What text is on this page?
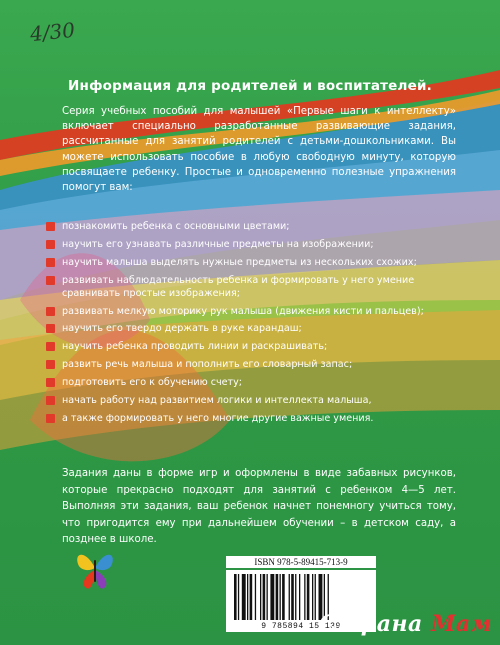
4/30
Информация для родителей и воспитателей.
Серия учебных пособий для малышей «Первые шаги к интеллекту» включает специально разработанные развивающие задания, рассчитанные для занятий родителей с детьми-дошкольниками. Вы можете использовать пособие в любую свободную минуту, которую посвящаете ребенку. Простые и одновременно полезные упражнения помогут вам:
познакомить ребенка с основными цветами;
научить его узнавать различные предметы на изображении;
научить малыша выделять нужные предметы из нескольких схожих;
развивать наблюдательность ребенка и формировать у него умение сравнивать простые изображения;
развивать мелкую моторику рук малыша (движения кисти и пальцев);
научить его твердо держать в руке карандаш;
научить ребенка проводить линии и раскрашивать;
развить речь малыша и пополнить его словарный запас;
подготовить его к обучению счету;
начать работу над развитием логики и интеллекта малыша,
а также формировать у него многие другие важные умения.
Задания даны в форме игр и оформлены в виде забавных рисунков, которые прекрасно подходят для занятий с ребенком 4—5 лет. Выполняя эти задания, ваш ребенок начнет понемногу учиться тому, что пригодится ему при дальнейшем обучении – в детском саду, а позднее в школе.
ISBN 978-5-89415-713-9
9 785894 157139
Страна Мам
